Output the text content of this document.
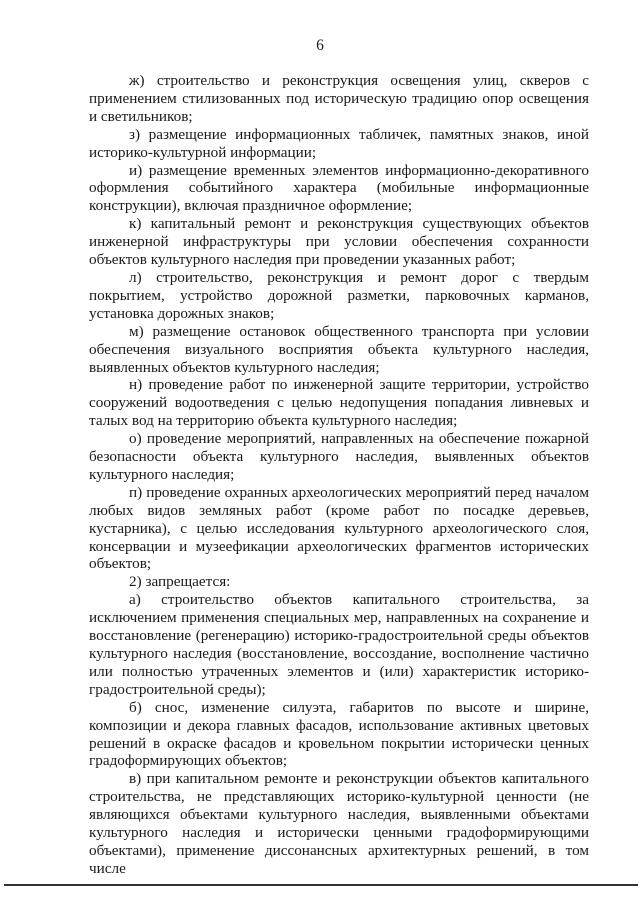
6

ж) строительство и реконструкция освещения улиц, скверов с применением стилизованных под историческую традицию опор освещения и светильников;

з) размещение информационных табличек, памятных знаков, иной историко-культурной информации;

и) размещение временных элементов информационно-декоративного оформления событийного характера (мобильные информационные конструкции), включая праздничное оформление;

к) капитальный ремонт и реконструкция существующих объектов инженерной инфраструктуры при условии обеспечения сохранности объектов культурного наследия при проведении указанных работ;

л) строительство, реконструкция и ремонт дорог с твердым покрытием, устройство дорожной разметки, парковочных карманов, установка дорожных знаков;

м) размещение остановок общественного транспорта при условии обеспечения визуального восприятия объекта культурного наследия, выявленных объектов культурного наследия;

н) проведение работ по инженерной защите территории, устройство сооружений водоотведения с целью недопущения попадания ливневых и талых вод на территорию объекта культурного наследия;

о) проведение мероприятий, направленных на обеспечение пожарной безопасности объекта культурного наследия, выявленных объектов культурного наследия;

п) проведение охранных археологических мероприятий перед началом любых видов земляных работ (кроме работ по посадке деревьев, кустарника), с целью исследования культурного археологического слоя, консервации и музеефикации археологических фрагментов исторических объектов;

2) запрещается:

а) строительство объектов капитального строительства, за исключением применения специальных мер, направленных на сохранение и восстановление (регенерацию) историко-градостроительной среды объектов культурного наследия (восстановление, воссоздание, восполнение частично или полностью утраченных элементов и (или) характеристик историко-градостроительной среды);

б) снос, изменение силуэта, габаритов по высоте и ширине, композиции и декора главных фасадов, использование активных цветовых решений в окраске фасадов и кровельном покрытии исторически ценных градоформирующих объектов;

в) при капитальном ремонте и реконструкции объектов капитального строительства, не представляющих историко-культурной ценности (не являющихся объектами культурного наследия, выявленными объектами культурного наследия и исторически ценными градоформирующими объектами), применение диссонансных архитектурных решений, в том числе
